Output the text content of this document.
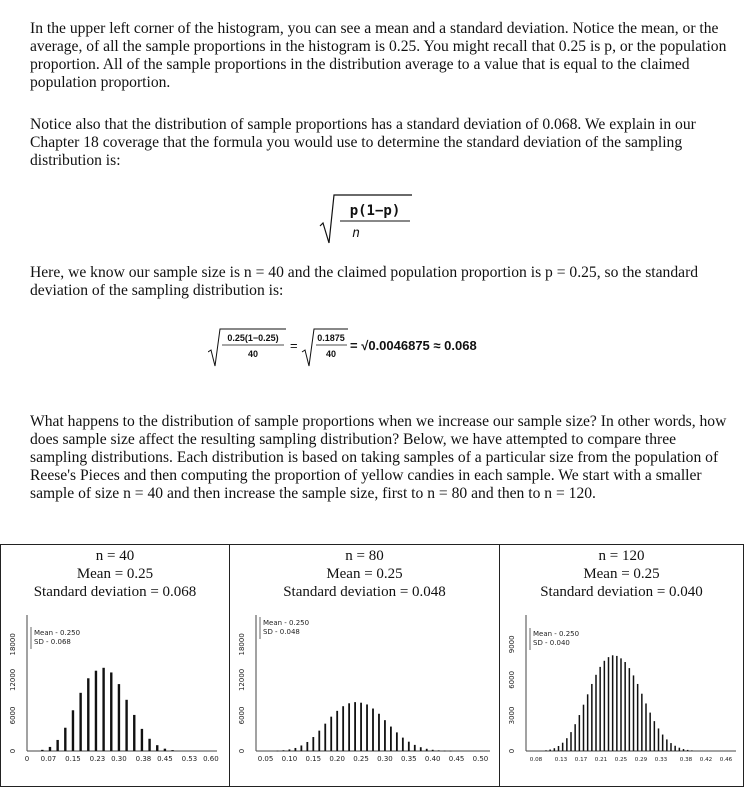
In the upper left corner of the histogram, you can see a mean and a standard deviation. Notice the mean, or the average, of all the sample proportions in the histogram is 0.25. You might recall that 0.25 is p, or the population proportion. All of the sample proportions in the distribution average to a value that is equal to the claimed population proportion.

Notice also that the distribution of sample proportions has a standard deviation of 0.068. We explain in our Chapter 18 coverage that the formula you would use to determine the standard deviation of the sampling distribution is:

p(1−p)
n

Here, we know our sample size is n = 40 and the claimed population proportion is p = 0.25, so the standard deviation of the sampling distribution is:

0.25(1−0.25)
40
= 0.1875
40
= √0.0046875 ≈ 0.068

What happens to the distribution of sample proportions when we increase our sample size? In other words, how does sample size affect the resulting sampling distribution? Below, we have attempted to compare three sampling distributions. Each distribution is based on taking samples of a particular size from the population of Reese's Pieces and then computing the proportion of yellow candies in each sample. We start with a smaller sample of size n = 40 and then increase the sample size, first to n = 80 and then to n = 120.

n = 40
Mean = 0.25
Standard deviation = 0.068
0
6000
12000
18000
0 0.07 0.15 0.23 0.30 0.38 0.45 0.53 0.60
Mean - 0.250
SD - 0.068

n = 80
Mean = 0.25
Standard deviation = 0.048
0
6000
12000
18000
0.05 0.10 0.15 0.20 0.25 0.30 0.35 0.40 0.45 0.50
Mean - 0.250
SD - 0.048

n = 120
Mean = 0.25
Standard deviation = 0.040
0
3000
6000
9000
0.08 0.13 0.17 0.21 0.25 0.29 0.33 0.38 0.42 0.46
Mean - 0.250
SD - 0.040
